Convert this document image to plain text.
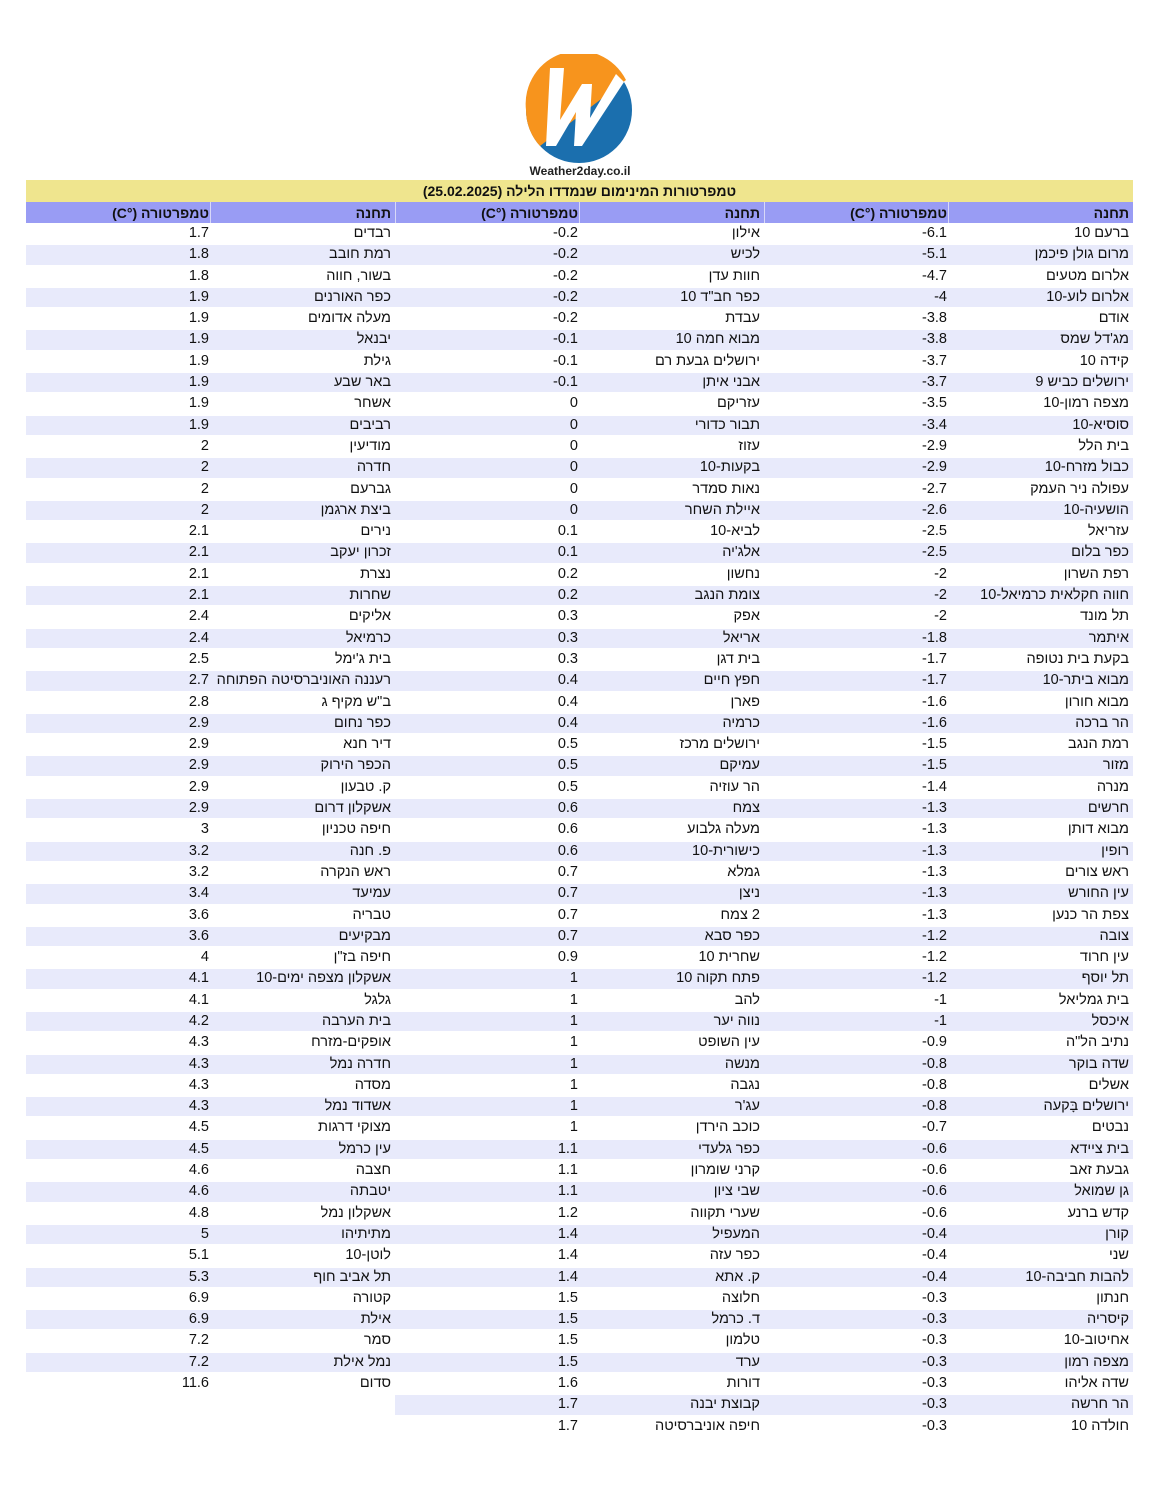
Weather2day.co.il
טמפרטורות המינימום שנמדדו הלילה (25.02.2025)
תחנה
טמפרטורה (°C)
תחנה
טמפרטורה (°C)
תחנה
טמפרטורה (°C)
ברעם 10
-6.1
מרום גולן פיכמן
-5.1
אלרום מטעים
-4.7
אלרום לוע-10
-4
אודם
-3.8
מג'דל שמס
-3.8
קידה 10
-3.7
ירושלים כביש 9
-3.7
מצפה רמון-10
-3.5
סוסיא-10
-3.4
בית הלל
-2.9
כבול מזרח-10
-2.9
עפולה ניר העמק
-2.7
הושעיה-10
-2.6
עזריאל
-2.5
כפר בלום
-2.5
רפת השרון
-2
חווה חקלאית כרמיאל-10
-2
תל מונד
-2
איתמר
-1.8
בקעת בית נטופה
-1.7
מבוא ביתר-10
-1.7
מבוא חורון
-1.6
הר ברכה
-1.6
רמת הנגב
-1.5
מזור
-1.5
מנרה
-1.4
חרשים
-1.3
מבוא דותן
-1.3
רופין
-1.3
ראש צורים
-1.3
עין החורש
-1.3
צפת הר כנען
-1.3
צובה
-1.2
עין חרוד
-1.2
תל יוסף
-1.2
בית גמליאל
-1
איכסל
-1
נתיב הל"ה
-0.9
שדה בוקר
-0.8
אשלים
-0.8
ירושלים בָּקעה
-0.8
נבטים
-0.7
בית ציידא
-0.6
גבעת זאב
-0.6
גן שמואל
-0.6
קדש ברנע
-0.6
קורן
-0.4
שני
-0.4
להבות חביבה-10
-0.4
חנתון
-0.3
קיסריה
-0.3
אחיטוב-10
-0.3
מצפה רמון
-0.3
שדה אליהו
-0.3
הר חרשה
-0.3
חולדה 10
-0.3
אילון
-0.2
לכיש
-0.2
חוות עדן
-0.2
כפר חב"ד 10
-0.2
עבדת
-0.2
מבוא חמה 10
-0.1
ירושלים גבעת רם
-0.1
אבני איתן
-0.1
עזריקם
0
תבור כדורי
0
עזוז
0
בקעות-10
0
נאות סמדר
0
איילת השחר
0
לביא-10
0.1
אלג'יה
0.1
נחשון
0.2
צומת הנגב
0.2
אפק
0.3
אריאל
0.3
בית דגן
0.3
חפץ חיים
0.4
פארן
0.4
כרמיה
0.4
ירושלים מרכז
0.5
עמיקם
0.5
הר עוזיה
0.5
צמח
0.6
מעלה גלבוע
0.6
כישורית-10
0.6
גמלא
0.7
ניצן
0.7
2 צמח
0.7
כפר סבא
0.7
שחרית 10
0.9
פתח תקוה 10
1
להב
1
נווה יער
1
עין השופט
1
מנשה
1
נגבה
1
עג'ר
1
כוכב הירדן
1
כפר גלעדי
1.1
קרני שומרון
1.1
שבי ציון
1.1
שערי תקווה
1.2
המעפיל
1.4
כפר עזה
1.4
ק. אתא
1.4
חלוצה
1.5
ד. כרמל
1.5
טלמון
1.5
ערד
1.5
דורות
1.6
קבוצת יבנה
1.7
חיפה אוניברסיטה
1.7
רבדים
1.7
רמת חובב
1.8
בשור, חווה
1.8
כפר האורנים
1.9
מעלה אדומים
1.9
יבנאל
1.9
גילת
1.9
באר שבע
1.9
אשחר
1.9
רביבים
1.9
מודיעין
2
חדרה
2
גברעם
2
ביצת ארגמן
2
נירים
2.1
זכרון יעקב
2.1
נצרת
2.1
שחרות
2.1
אליקים
2.4
כרמיאל
2.4
בית ג'ימל
2.5
רעננה האוניברסיטה הפתוחה
2.7
ב"ש מקיף ג
2.8
כפר נחום
2.9
דיר חנא
2.9
הכפר הירוק
2.9
ק. טבעון
2.9
אשקלון דרום
2.9
חיפה טכניון
3
פ. חנה
3.2
ראש הנקרה
3.2
עמיעד
3.4
טבריה
3.6
מבקיעים
3.6
חיפה בז"ן
4
אשקלון מצפה ימים-10
4.1
גלגל
4.1
בית הערבה
4.2
אופקים-מזרח
4.3
חדרה נמל
4.3
מסדה
4.3
אשדוד נמל
4.3
מצוקי דרגות
4.5
עין כרמל
4.5
חצבה
4.6
יטבתה
4.6
אשקלון נמל
4.8
מתיתיהו
5
לוטן-10
5.1
תל אביב חוף
5.3
קטורה
6.9
אילת
6.9
סמר
7.2
נמל אילת
7.2
סדום
11.6
